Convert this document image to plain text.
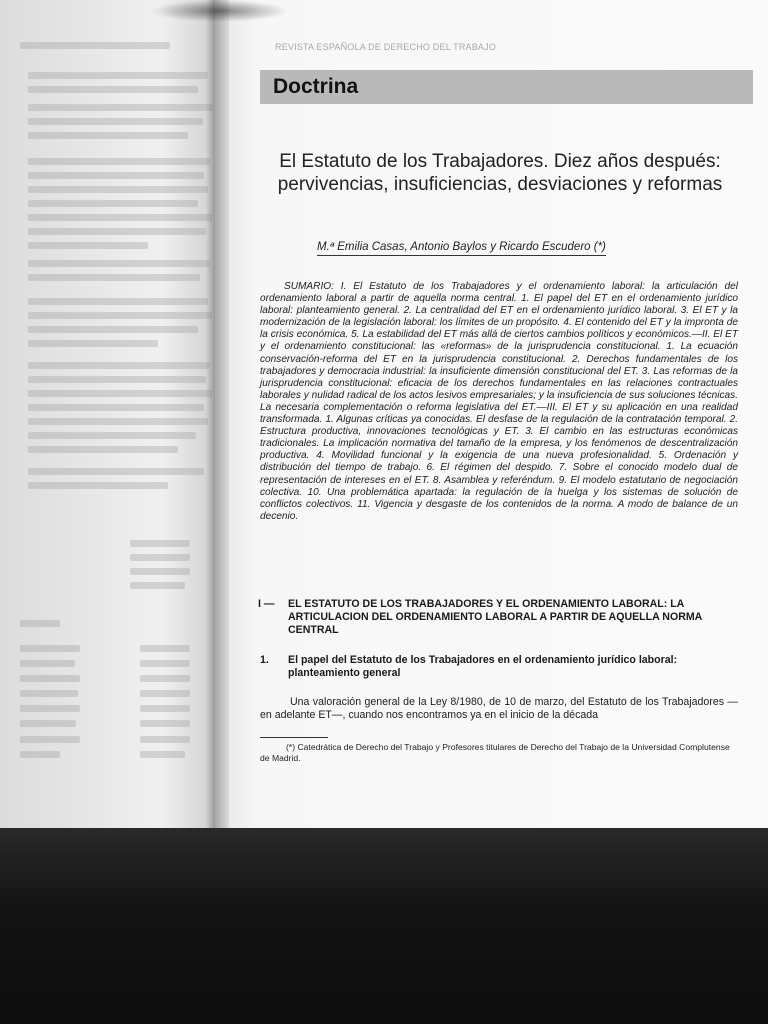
REVISTA ESPAÑOLA DE DERECHO DEL TRABAJO
Doctrina
El Estatuto de los Trabajadores. Diez años después: pervivencias, insuficiencias, desviaciones y reformas
M.ª Emilia Casas, Antonio Baylos y Ricardo Escudero (*)
SUMARIO: I. El Estatuto de los Trabajadores y el ordenamiento laboral: la articulación del ordenamiento laboral a partir de aquella norma central. 1. El papel del ET en el ordenamiento jurídico laboral: planteamiento general. 2. La centralidad del ET en el ordenamiento jurídico laboral. 3. El ET y la modernización de la legislación laboral: los límites de un propósito. 4. El contenido del ET y la impronta de la crisis económica. 5. La estabilidad del ET más allá de ciertos cambios políticos y económicos.—II. El ET y el ordenamiento constitucional: las «reformas» de la jurisprudencia constitucional. 1. La ecuación conservación-reforma del ET en la jurisprudencia constitucional. 2. Derechos fundamentales de los trabajadores y democracia industrial: la insuficiente dimensión constitucional del ET. 3. Las reformas de la jurisprudencia constitucional: eficacia de los derechos fundamentales en las relaciones contractuales laborales y nulidad radical de los actos lesivos empresariales; y la insuficiencia de sus soluciones técnicas. La necesaria complementación o reforma legislativa del ET.—III. El ET y su aplicación en una realidad transformada. 1. Algunas críticas ya conocidas. El desfase de la regulación de la contratación temporal. 2. Estructura productiva, innovaciones tecnológicas y ET. 3. El cambio en las estructuras económicas tradicionales. La implicación normativa del tamaño de la empresa, y los fenómenos de descentralización productiva. 4. Movilidad funcional y la exigencia de una nueva profesionalidad. 5. Ordenación y distribución del tiempo de trabajo. 6. El régimen del despido. 7. Sobre el conocido modelo dual de representación de intereses en el ET. 8. Asamblea y referéndum. 9. El modelo estatutario de negociación colectiva. 10. Una problemática apartada: la regulación de la huelga y los sistemas de solución de conflictos colectivos. 11. Vigencia y desgaste de los contenidos de la norma. A modo de balance de un decenio.
I —	EL ESTATUTO DE LOS TRABAJADORES Y EL ORDENAMIENTO LABORAL: LA ARTICULACION DEL ORDENAMIENTO LABORAL A PARTIR DE AQUELLA NORMA CENTRAL
1.	El papel del Estatuto de los Trabajadores en el ordenamiento jurídico laboral: planteamiento general
Una valoración general de la Ley 8/1980, de 10 de marzo, del Estatuto de los Trabajadores —en adelante ET—, cuando nos encontramos ya en el inicio de la década
(*) Catedrática de Derecho del Trabajo y Profesores titulares de Derecho del Trabajo de la Universidad Complutense de Madrid.
